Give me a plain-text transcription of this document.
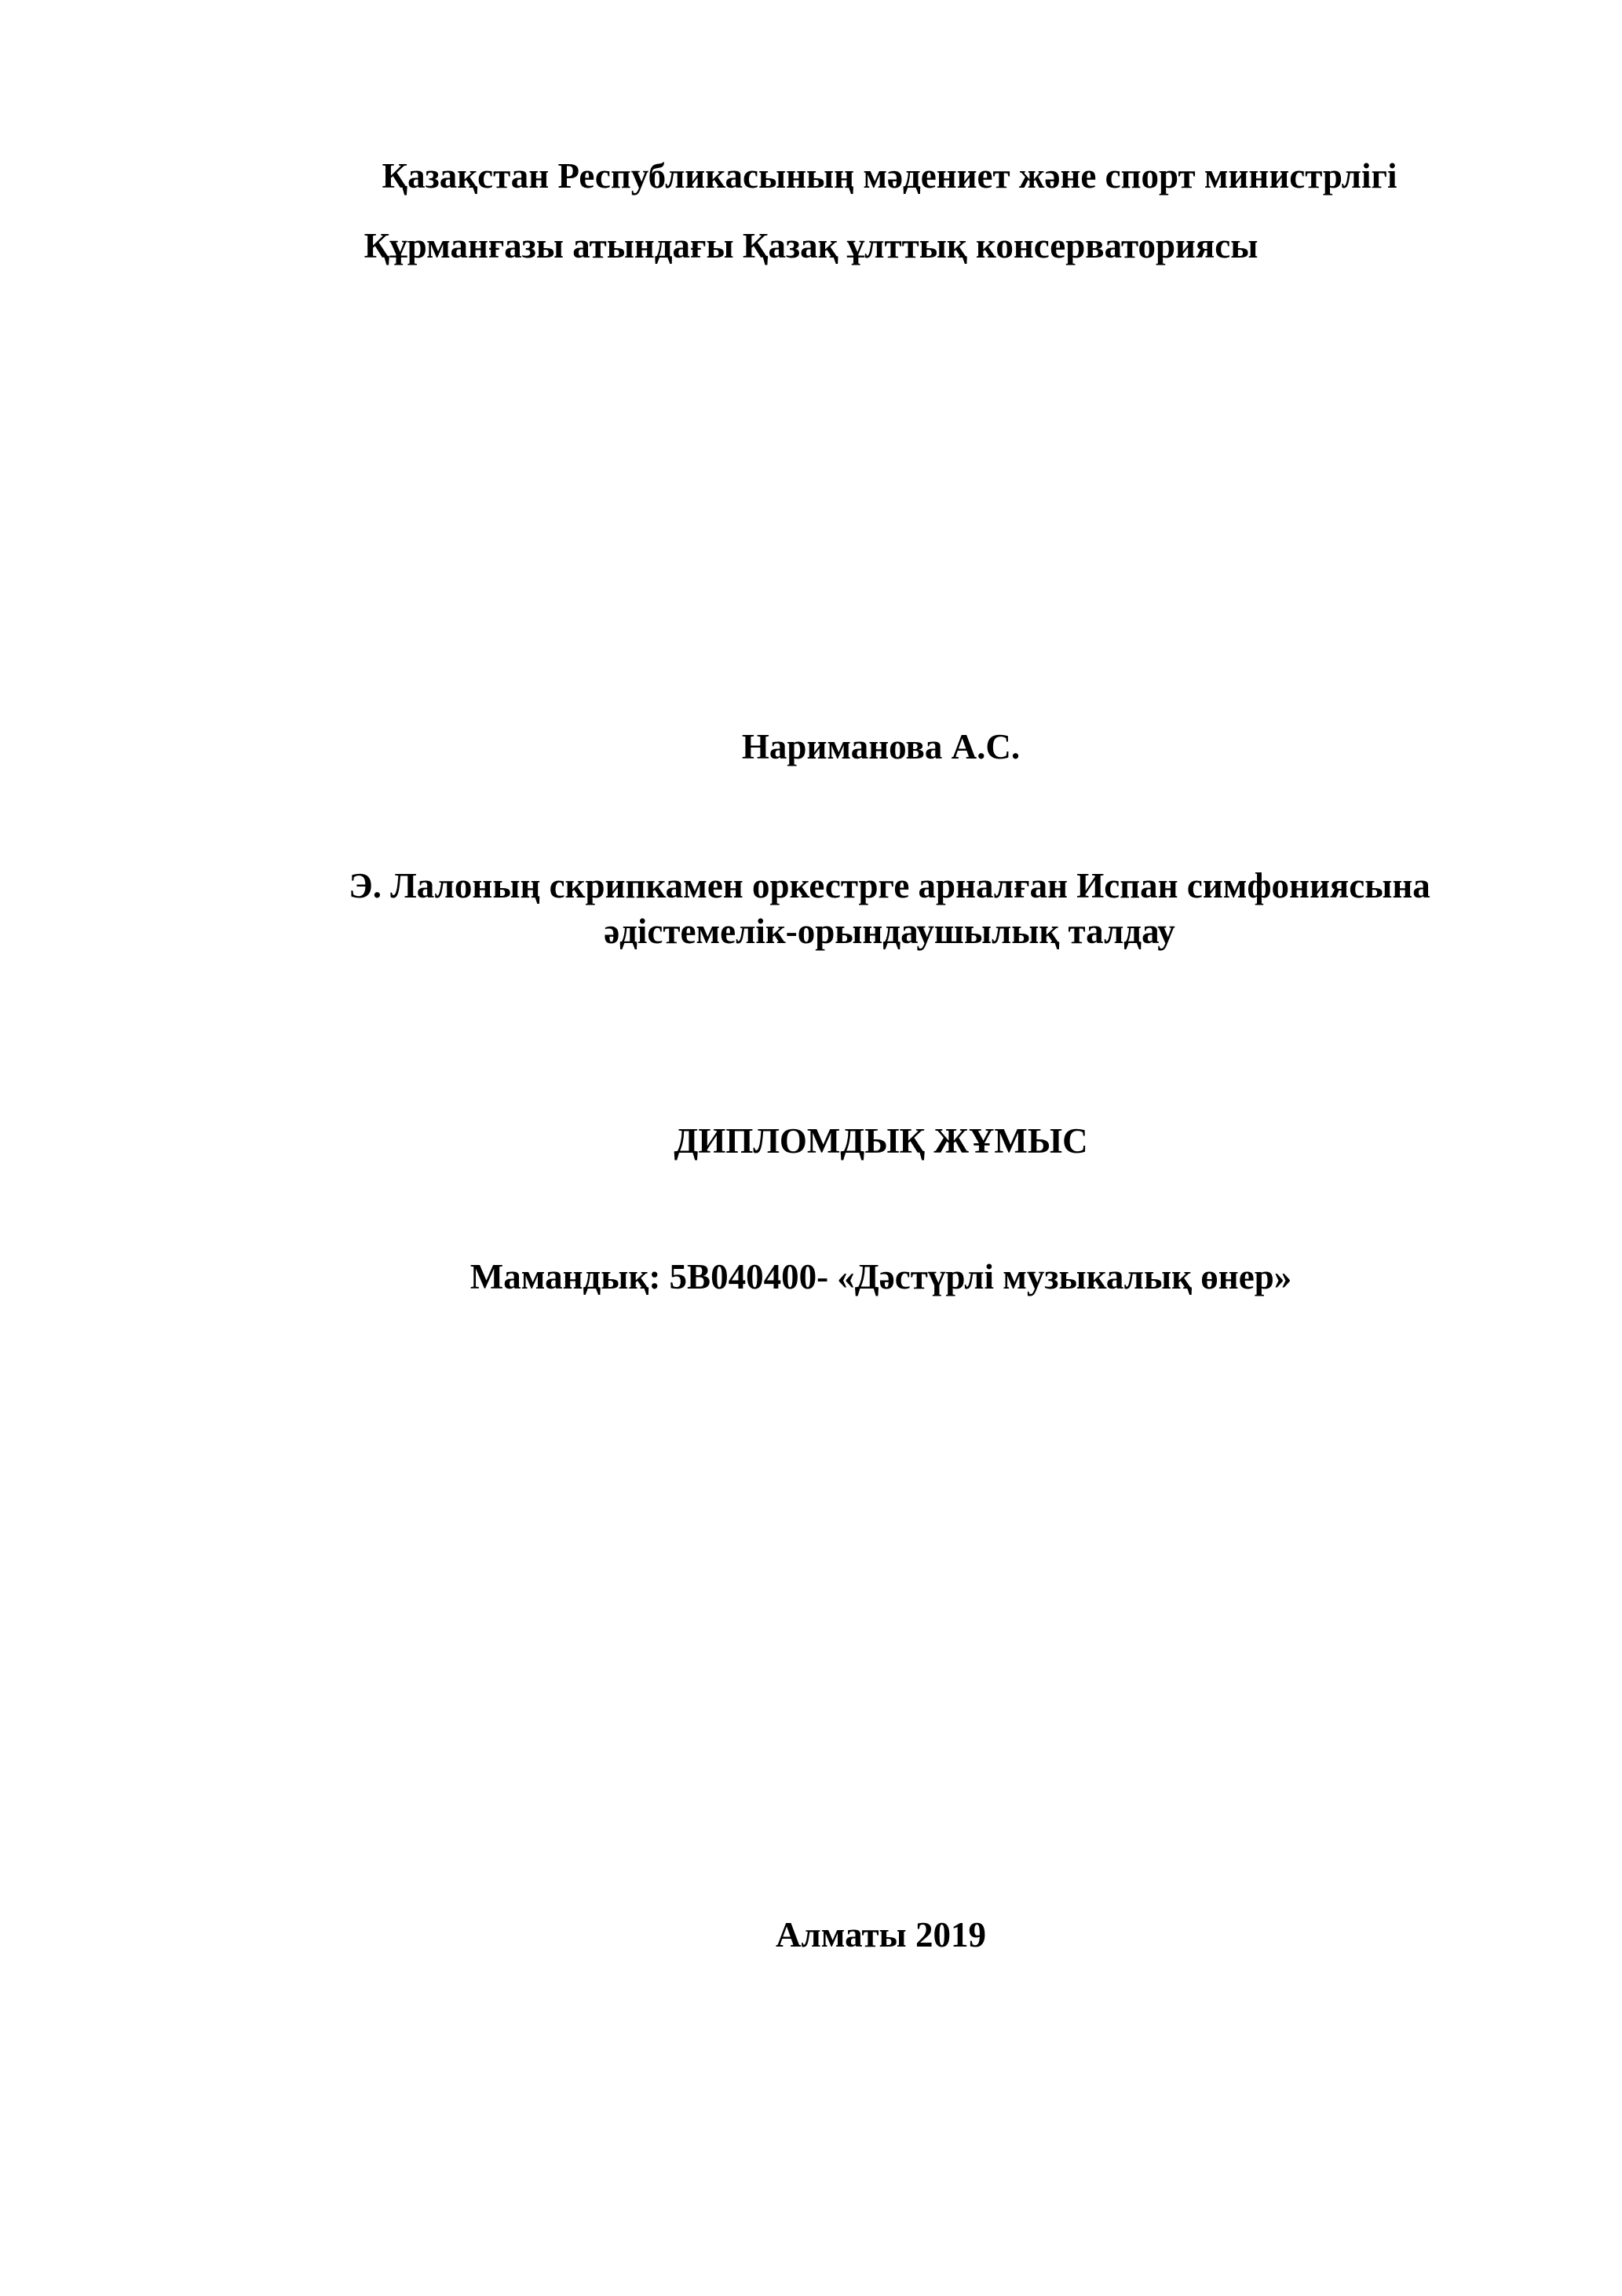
Қазақстан Республикасының мәдениет және спорт министрлігі
Құрманғазы атындағы Қазақ ұлттық консерваториясы
Нариманова А.С.
Э. Лалоның скрипкамен оркестрге арналған Испан симфониясына
әдістемелік-орындаушылық талдау
ДИПЛОМДЫҚ ЖҰМЫС
Мамандық: 5В040400- «Дәстүрлі музыкалық өнер»
Алматы 2019
